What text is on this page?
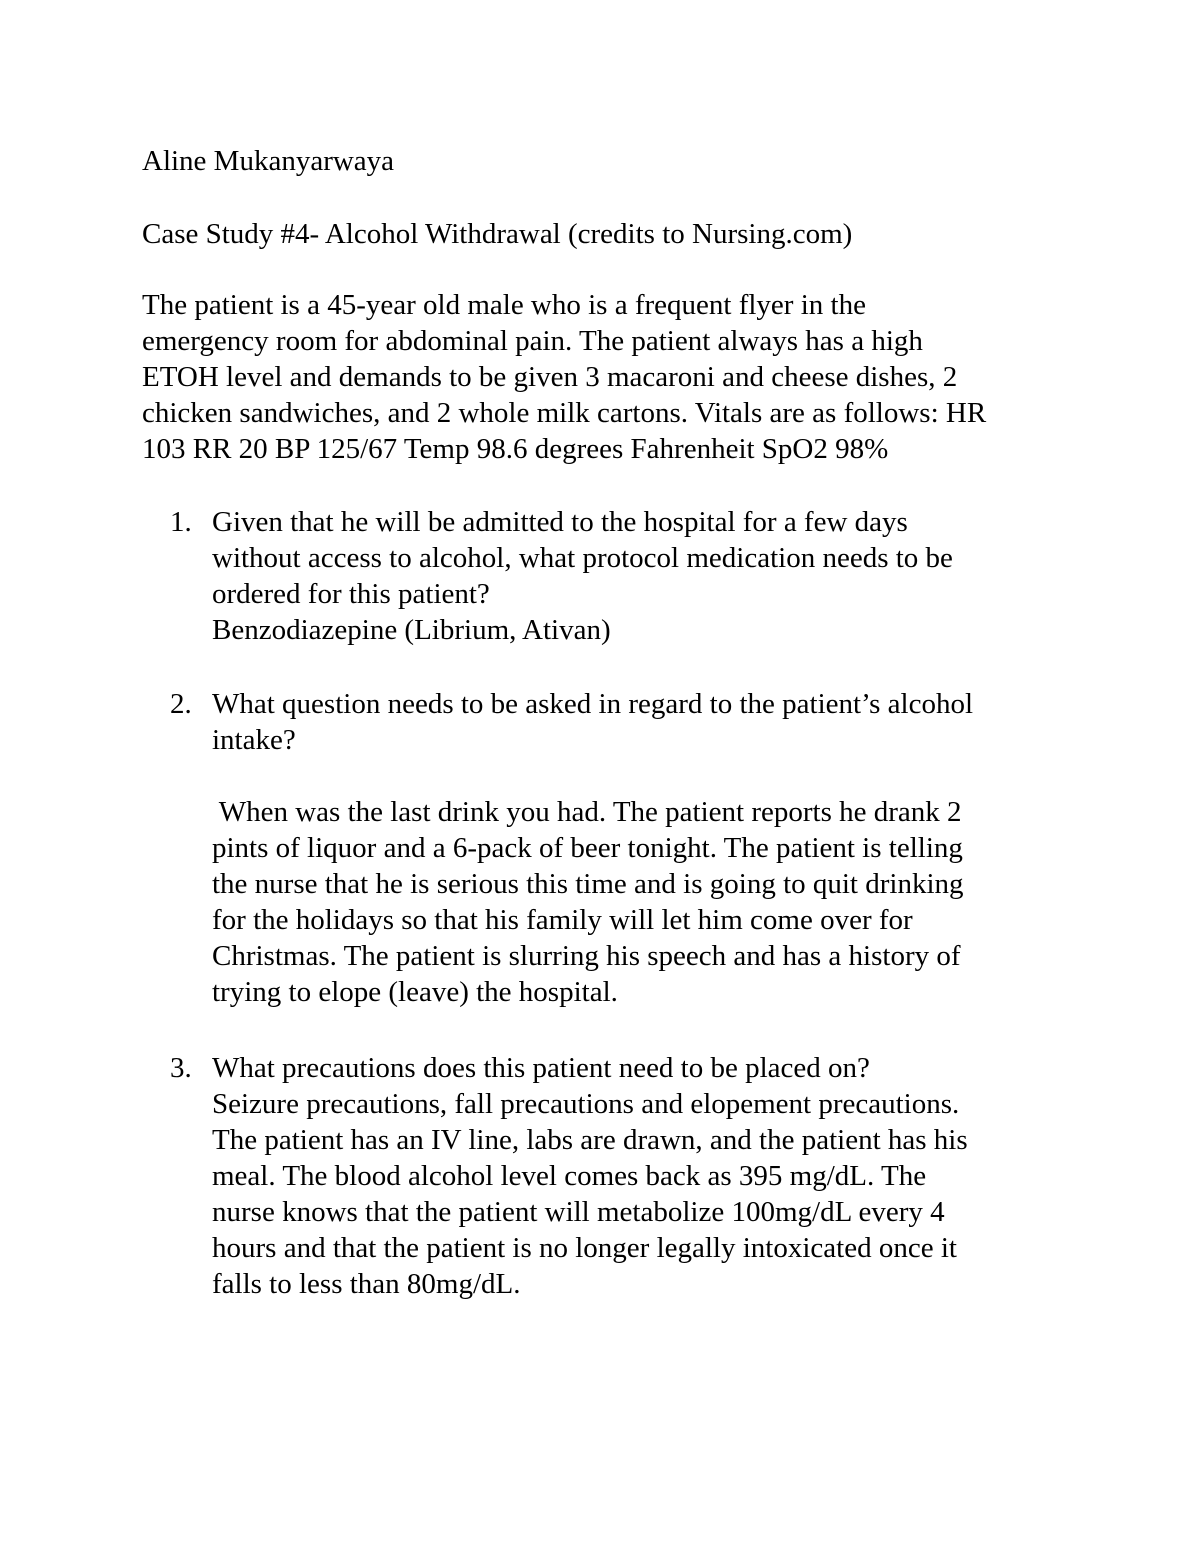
Aline Mukanyarwaya

Case Study #4- Alcohol Withdrawal (credits to Nursing.com)

The patient is a 45-year old male who is a frequent flyer in the
emergency room for abdominal pain. The patient always has a high
ETOH level and demands to be given 3 macaroni and cheese dishes, 2
chicken sandwiches, and 2 whole milk cartons. Vitals are as follows: HR
103 RR 20 BP 125/67 Temp 98.6 degrees Fahrenheit SpO2 98%
1. Given that he will be admitted to the hospital for a few days
without access to alcohol, what protocol medication needs to be
ordered for this patient?
Benzodiazepine (Librium, Ativan)
2. What question needs to be asked in regard to the patient’s alcohol
intake?
When was the last drink you had. The patient reports he drank 2
pints of liquor and a 6-pack of beer tonight. The patient is telling
the nurse that he is serious this time and is going to quit drinking
for the holidays so that his family will let him come over for
Christmas. The patient is slurring his speech and has a history of
trying to elope (leave) the hospital.
3. What precautions does this patient need to be placed on?
Seizure precautions, fall precautions and elopement precautions.
The patient has an IV line, labs are drawn, and the patient has his
meal. The blood alcohol level comes back as 395 mg/dL. The
nurse knows that the patient will metabolize 100mg/dL every 4
hours and that the patient is no longer legally intoxicated once it
falls to less than 80mg/dL.
